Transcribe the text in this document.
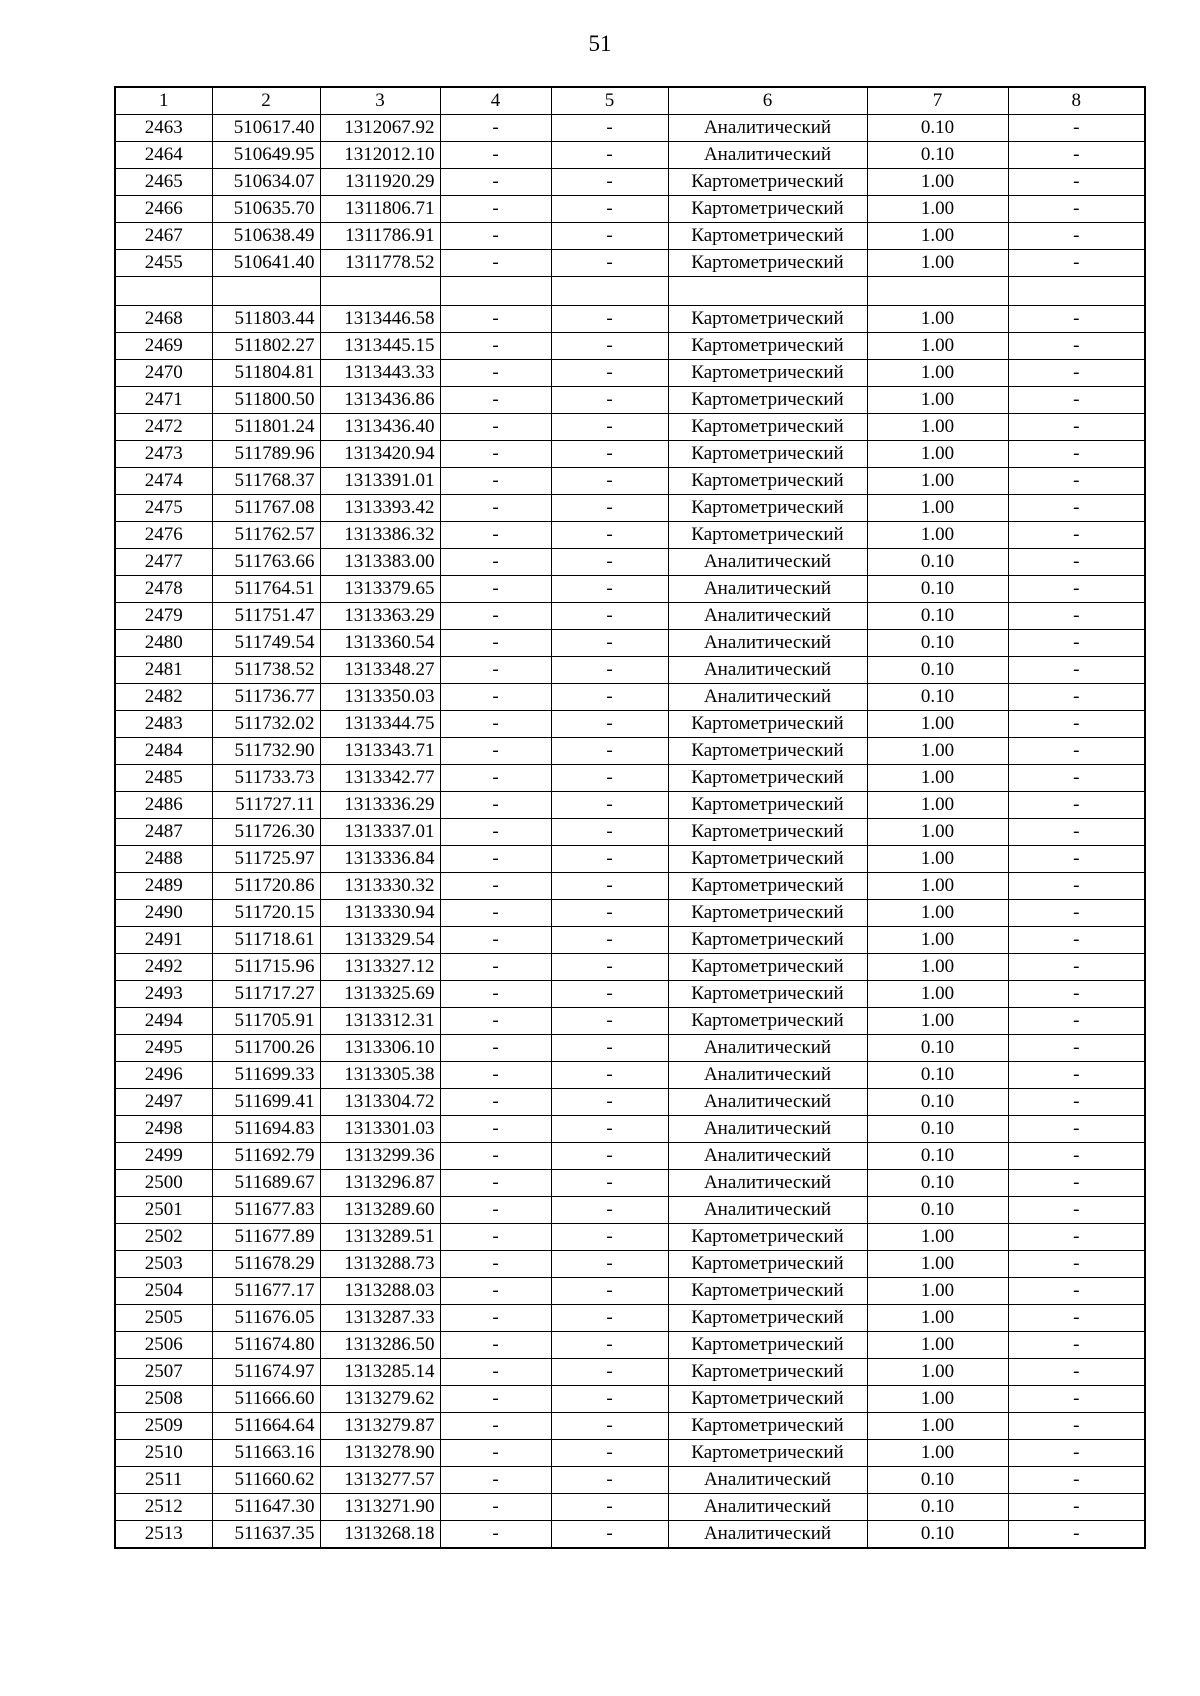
51
1	2	3	4	5	6	7	8
2463	510617.40	1312067.92	-	-	Аналитический	0.10	-
2464	510649.95	1312012.10	-	-	Аналитический	0.10	-
2465	510634.07	1311920.29	-	-	Картометрический	1.00	-
2466	510635.70	1311806.71	-	-	Картометрический	1.00	-
2467	510638.49	1311786.91	-	-	Картометрический	1.00	-
2455	510641.40	1311778.52	-	-	Картометрический	1.00	-

2468	511803.44	1313446.58	-	-	Картометрический	1.00	-
2469	511802.27	1313445.15	-	-	Картометрический	1.00	-
2470	511804.81	1313443.33	-	-	Картометрический	1.00	-
2471	511800.50	1313436.86	-	-	Картометрический	1.00	-
2472	511801.24	1313436.40	-	-	Картометрический	1.00	-
2473	511789.96	1313420.94	-	-	Картометрический	1.00	-
2474	511768.37	1313391.01	-	-	Картометрический	1.00	-
2475	511767.08	1313393.42	-	-	Картометрический	1.00	-
2476	511762.57	1313386.32	-	-	Картометрический	1.00	-
2477	511763.66	1313383.00	-	-	Аналитический	0.10	-
2478	511764.51	1313379.65	-	-	Аналитический	0.10	-
2479	511751.47	1313363.29	-	-	Аналитический	0.10	-
2480	511749.54	1313360.54	-	-	Аналитический	0.10	-
2481	511738.52	1313348.27	-	-	Аналитический	0.10	-
2482	511736.77	1313350.03	-	-	Аналитический	0.10	-
2483	511732.02	1313344.75	-	-	Картометрический	1.00	-
2484	511732.90	1313343.71	-	-	Картометрический	1.00	-
2485	511733.73	1313342.77	-	-	Картометрический	1.00	-
2486	511727.11	1313336.29	-	-	Картометрический	1.00	-
2487	511726.30	1313337.01	-	-	Картометрический	1.00	-
2488	511725.97	1313336.84	-	-	Картометрический	1.00	-
2489	511720.86	1313330.32	-	-	Картометрический	1.00	-
2490	511720.15	1313330.94	-	-	Картометрический	1.00	-
2491	511718.61	1313329.54	-	-	Картометрический	1.00	-
2492	511715.96	1313327.12	-	-	Картометрический	1.00	-
2493	511717.27	1313325.69	-	-	Картометрический	1.00	-
2494	511705.91	1313312.31	-	-	Картометрический	1.00	-
2495	511700.26	1313306.10	-	-	Аналитический	0.10	-
2496	511699.33	1313305.38	-	-	Аналитический	0.10	-
2497	511699.41	1313304.72	-	-	Аналитический	0.10	-
2498	511694.83	1313301.03	-	-	Аналитический	0.10	-
2499	511692.79	1313299.36	-	-	Аналитический	0.10	-
2500	511689.67	1313296.87	-	-	Аналитический	0.10	-
2501	511677.83	1313289.60	-	-	Аналитический	0.10	-
2502	511677.89	1313289.51	-	-	Картометрический	1.00	-
2503	511678.29	1313288.73	-	-	Картометрический	1.00	-
2504	511677.17	1313288.03	-	-	Картометрический	1.00	-
2505	511676.05	1313287.33	-	-	Картометрический	1.00	-
2506	511674.80	1313286.50	-	-	Картометрический	1.00	-
2507	511674.97	1313285.14	-	-	Картометрический	1.00	-
2508	511666.60	1313279.62	-	-	Картометрический	1.00	-
2509	511664.64	1313279.87	-	-	Картометрический	1.00	-
2510	511663.16	1313278.90	-	-	Картометрический	1.00	-
2511	511660.62	1313277.57	-	-	Аналитический	0.10	-
2512	511647.30	1313271.90	-	-	Аналитический	0.10	-
2513	511637.35	1313268.18	-	-	Аналитический	0.10	-
